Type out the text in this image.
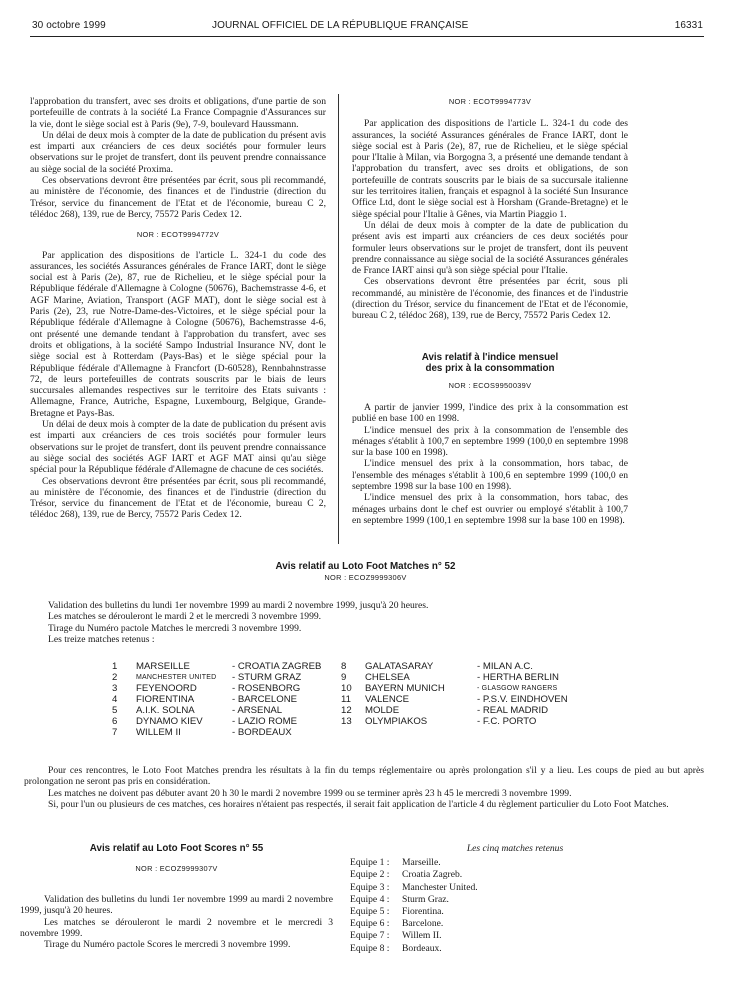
30 octobre 1999	JOURNAL OFFICIEL DE LA RÉPUBLIQUE FRANÇAISE	16331

l'approbation du transfert, avec ses droits et obligations, d'une partie de son portefeuille de contrats à la société La France Compagnie d'Assurances sur la vie, dont le siège social est à Paris (9e), 7-9, boulevard Haussmann.

Un délai de deux mois à compter de la date de publication du présent avis est imparti aux créanciers de ces deux sociétés pour formuler leurs observations sur le projet de transfert, dont ils peuvent prendre connaissance au siège social de la société Proxima.

Ces observations devront être présentées par écrit, sous pli recommandé, au ministère de l'économie, des finances et de l'industrie (direction du Trésor, service du financement de l'Etat et de l'économie, bureau C 2, télédoc 268), 139, rue de Bercy, 75572 Paris Cedex 12.

NOR : ECOT9994772V

Par application des dispositions de l'article L. 324-1 du code des assurances, les sociétés Assurances générales de France IART, dont le siège social est à Paris (2e), 87, rue de Richelieu, et le siège spécial pour la République fédérale d'Allemagne à Cologne (50676), Bachemstrasse 4-6, et AGF Marine, Aviation, Transport (AGF MAT), dont le siège social est à Paris (2e), 23, rue Notre-Dame-des-Victoires, et le siège spécial pour la République fédérale d'Allemagne à Cologne (50676), Bachemstrasse 4-6, ont présenté une demande tendant à l'approbation du transfert, avec ses droits et obligations, à la société Sampo Industrial Insurance NV, dont le siège social est à Rotterdam (Pays-Bas) et le siège spécial pour la République fédérale d'Allemagne à Francfort (D-60528), Rennbahnstrasse 72, de leurs portefeuilles de contrats souscrits par le biais de leurs succursales allemandes respectives sur le territoire des Etats suivants : Allemagne, France, Autriche, Espagne, Luxembourg, Belgique, Grande-Bretagne et Pays-Bas.

Un délai de deux mois à compter de la date de publication du présent avis est imparti aux créanciers de ces trois sociétés pour formuler leurs observations sur le projet de transfert, dont ils peuvent prendre connaissance au siège social des sociétés AGF IART et AGF MAT ainsi qu'au siège spécial pour la République fédérale d'Allemagne de chacune de ces sociétés.

Ces observations devront être présentées par écrit, sous pli recommandé, au ministère de l'économie, des finances et de l'industrie (direction du Trésor, service du financement de l'Etat et de l'économie, bureau C 2, télédoc 268), 139, rue de Bercy, 75572 Paris Cedex 12.

NOR : ECOT9994773V

Par application des dispositions de l'article L. 324-1 du code des assurances, la société Assurances générales de France IART, dont le siège social est à Paris (2e), 87, rue de Richelieu, et le siège spécial pour l'Italie à Milan, via Borgogna 3, a présenté une demande tendant à l'approbation du transfert, avec ses droits et obligations, de son portefeuille de contrats souscrits par le biais de sa succursale italienne sur les territoires italien, français et espagnol à la société Sun Insurance Office Ltd, dont le siège social est à Horsham (Grande-Bretagne) et le siège spécial pour l'Italie à Gênes, via Martin Piaggio 1.

Un délai de deux mois à compter de la date de publication du présent avis est imparti aux créanciers de ces deux sociétés pour formuler leurs observations sur le projet de transfert, dont ils peuvent prendre connaissance au siège social de la société Assurances générales de France IART ainsi qu'à son siège spécial pour l'Italie.

Ces observations devront être présentées par écrit, sous pli recommandé, au ministère de l'économie, des finances et de l'industrie (direction du Trésor, service du financement de l'Etat et de l'économie, bureau C 2, télédoc 268), 139, rue de Bercy, 75572 Paris Cedex 12.

Avis relatif à l'indice mensuel
des prix à la consommation
NOR : ECOS9950039V

A partir de janvier 1999, l'indice des prix à la consommation est publié en base 100 en 1998.

L'indice mensuel des prix à la consommation de l'ensemble des ménages s'établit à 100,7 en septembre 1999 (100,0 en septembre 1998 sur la base 100 en 1998).

L'indice mensuel des prix à la consommation, hors tabac, de l'ensemble des ménages s'établit à 100,6 en septembre 1999 (100,0 en septembre 1998 sur la base 100 en 1998).

L'indice mensuel des prix à la consommation, hors tabac, des ménages urbains dont le chef est ouvrier ou employé s'établit à 100,7 en septembre 1999 (100,1 en septembre 1998 sur la base 100 en 1998).

Avis relatif au Loto Foot Matches n° 52
NOR : ECOZ9999306V

Validation des bulletins du lundi 1er novembre 1999 au mardi 2 novembre 1999, jusqu'à 20 heures.

Les matches se dérouleront le mardi 2 et le mercredi 3 novembre 1999.

Tirage du Numéro pactole Matches le mercredi 3 novembre 1999.

Les treize matches retenus :

1	MARSEILLE	- CROATIA ZAGREB
2	MANCHESTER UNITED	- STURM GRAZ
3	FEYENOORD	- ROSENBORG
4	FIORENTINA	- BARCELONE
5	A.I.K. SOLNA	- ARSENAL
6	DYNAMO KIEV	- LAZIO ROME
7	WILLEM II	- BORDEAUX
8	GALATASARAY	- MILAN A.C.
9	CHELSEA	- HERTHA BERLIN
10	BAYERN MUNICH	- GLASGOW RANGERS
11	VALENCE	- P.S.V. EINDHOVEN
12	MOLDE	- REAL MADRID
13	OLYMPIAKOS	- F.C. PORTO

Pour ces rencontres, le Loto Foot Matches prendra les résultats à la fin du temps réglementaire ou après prolongation s'il y a lieu. Les coups de pied au but après prolongation ne seront pas pris en considération.

Les matches ne doivent pas débuter avant 20 h 30 le mardi 2 novembre 1999 ou se terminer après 23 h 45 le mercredi 3 novembre 1999.

Si, pour l'un ou plusieurs de ces matches, ces horaires n'étaient pas respectés, il serait fait application de l'article 4 du règlement particulier du Loto Foot Matches.

Avis relatif au Loto Foot Scores n° 55
NOR : ECOZ9999307V

Validation des bulletins du lundi 1er novembre 1999 au mardi 2 novembre 1999, jusqu'à 20 heures.

Les matches se dérouleront le mardi 2 novembre et le mercredi 3 novembre 1999.

Tirage du Numéro pactole Scores le mercredi 3 novembre 1999.

Les cinq matches retenus
Equipe 1 : Marseille.
Equipe 2 : Croatia Zagreb.
Equipe 3 : Manchester United.
Equipe 4 : Sturm Graz.
Equipe 5 : Fiorentina.
Equipe 6 : Barcelone.
Equipe 7 : Willem II.
Equipe 8 : Bordeaux.
